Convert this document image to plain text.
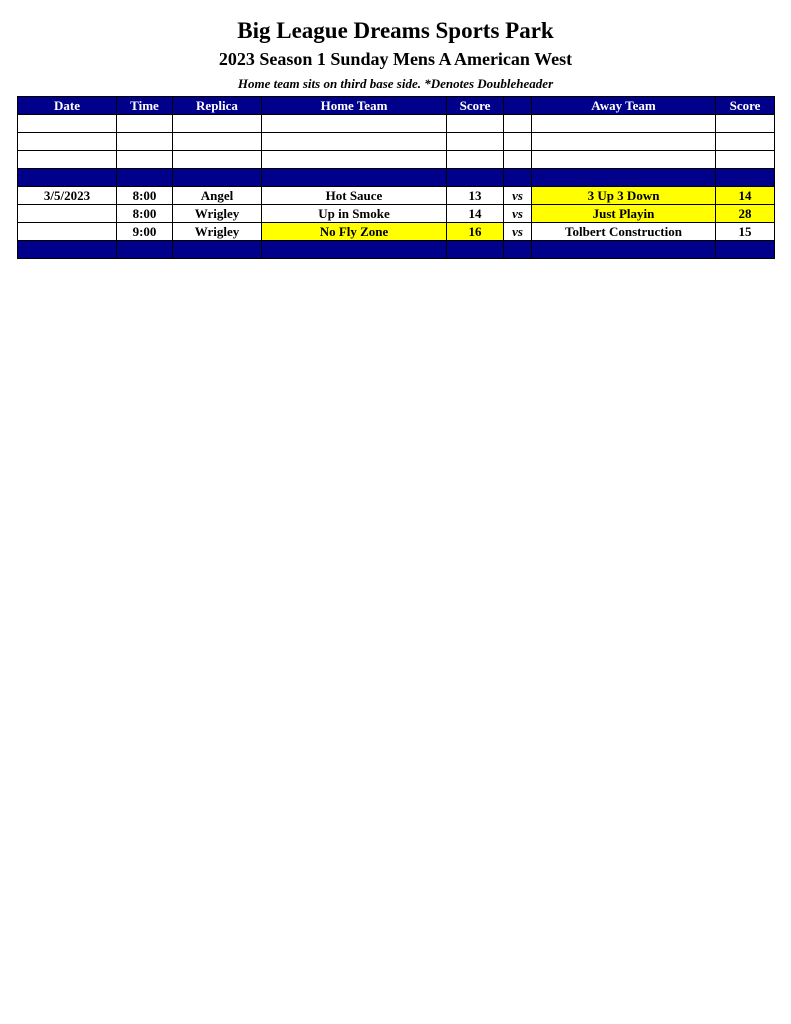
Big League Dreams Sports Park
2023 Season 1 Sunday Mens A American West
Home team sits on third base side. *Denotes Doubleheader
Date	Time	Replica	Home Team	Score		Away Team	Score

3/5/2023	8:00	Angel	Hot Sauce	13	vs	3 Up 3 Down	14
	8:00	Wrigley	Up in Smoke	14	vs	Just Playin	28
	9:00	Wrigley	No Fly Zone	16	vs	Tolbert Construction	15
